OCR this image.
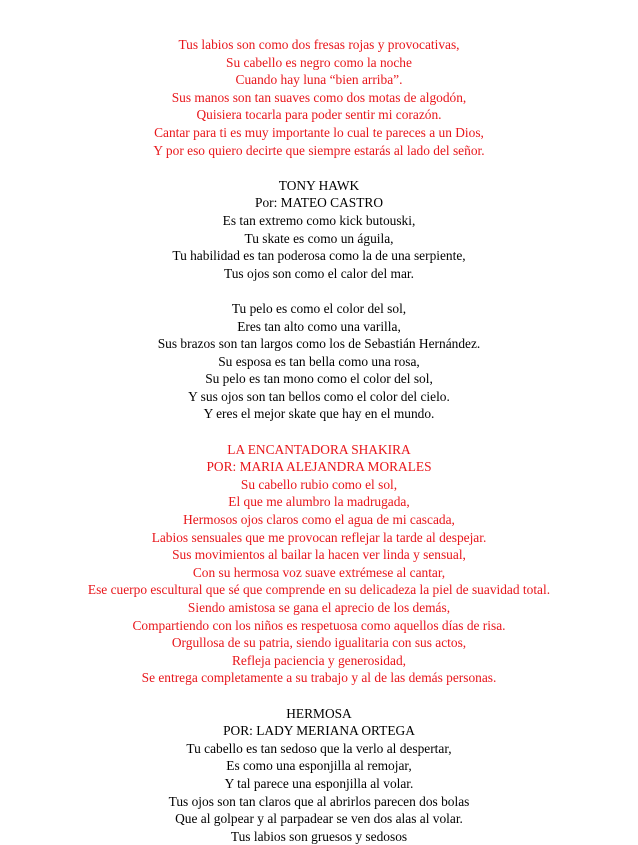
Tus labios son como dos fresas rojas y provocativas,
Su cabello es negro como la noche
Cuando hay luna “bien arriba”.
Sus manos son tan suaves como dos motas de algodón,
Quisiera tocarla para poder sentir mi corazón.
Cantar para ti es muy importante lo cual te pareces a un Dios,
Y por eso quiero decirte que siempre estarás al lado del señor.
TONY HAWK
Por: MATEO CASTRO
Es tan extremo como kick butouski,
Tu skate es como un águila,
Tu habilidad es tan poderosa como la de una serpiente,
Tus ojos son como el calor del mar.
Tu pelo es como el color del sol,
Eres tan alto como una varilla,
Sus brazos son tan largos como los de Sebastián Hernández.
Su esposa es tan bella como una rosa,
Su pelo es tan mono como el color del sol,
Y sus ojos son tan bellos como el color del cielo.
Y eres el mejor skate que hay en el mundo.
LA ENCANTADORA SHAKIRA
POR: MARIA ALEJANDRA MORALES
Su cabello rubio como el sol,
El que me alumbro la madrugada,
Hermosos ojos claros como el agua de mi cascada,
Labios sensuales que me provocan reflejar la tarde al despejar.
Sus movimientos al bailar la hacen ver linda y sensual,
Con su hermosa voz suave extrémese al cantar,
Ese cuerpo escultural que sé que comprende en su delicadeza la piel de suavidad total.
Siendo amistosa se gana el aprecio de los demás,
Compartiendo con los niños es respetuosa como aquellos días de risa.
Orgullosa de su patria, siendo igualitaria con sus actos,
Refleja paciencia y generosidad,
Se entrega completamente a su trabajo y al de las demás personas.
HERMOSA
POR: LADY MERIANA ORTEGA
Tu cabello es tan sedoso que la verlo al despertar,
Es como una esponjilla al remojar,
Y tal parece una esponjilla al volar.
Tus ojos son tan claros que al abrirlos parecen dos bolas
Que al golpear y al parpadear se ven dos alas al volar.
Tus labios son gruesos y sedosos
